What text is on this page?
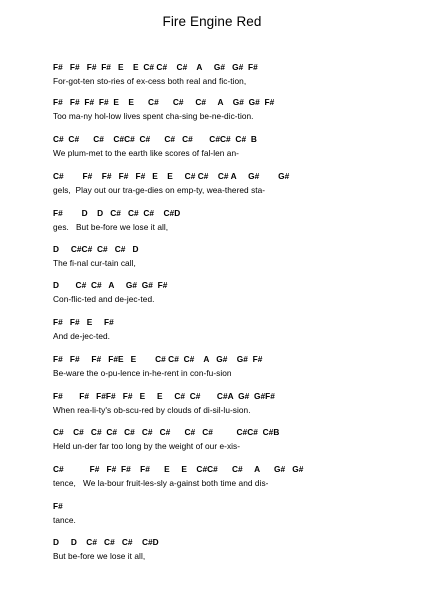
Fire Engine Red
F#   F#   F#  F#   E    E  C# C#    C#    A     G#   G#  F#
For-got-ten sto-ries of ex-cess both real and fic-tion,
F#   F#  F#  F#  E    E      C#      C#     C#     A    G#  G#  F#
Too ma-ny hol-low lives spent cha-sing be-ne-dic-tion.
C#  C#      C#    C#C#  C#      C#   C#       C#C#  C#  B
We plum-met to the earth like scores of fal-len an-
C#        F#    F#   F#   F#   E    E     C# C#    C# A     G#        G#
gels,  Play out our tra-ge-dies on emp-ty, wea-thered sta-
F#        D    D   C#   C#  C#    C#D
ges.   But be-fore we lose it all,
D     C#C#  C#   C#   D
The fi-nal cur-tain call,
D       C#  C#   A     G#  G#  F#
Con-flic-ted and de-jec-ted.
F#   F#   E     F#
And de-jec-ted.
F#   F#     F#   F#E   E        C# C#  C#    A   G#    G#  F#
Be-ware the o-pu-lence in-he-rent in con-fu-sion
F#       F#   F#F#   F#   E     E     C#  C#       C#A  G#  G#F#
When rea-li-ty's ob-scu-red by clouds of di-sil-lu-sion.
C#    C#   C#  C#   C#   C#   C#      C#   C#          C#C#  C#B
Held un-der far too long by the weight of our e-xis-
C#           F#   F#  F#    F#      E     E    C#C#      C#     A      G#   G#
tence,   We la-bour fruit-les-sly a-gainst both time and dis-
F#
tance.
D     D    C#   C#   C#    C#D
But be-fore we lose it all,
